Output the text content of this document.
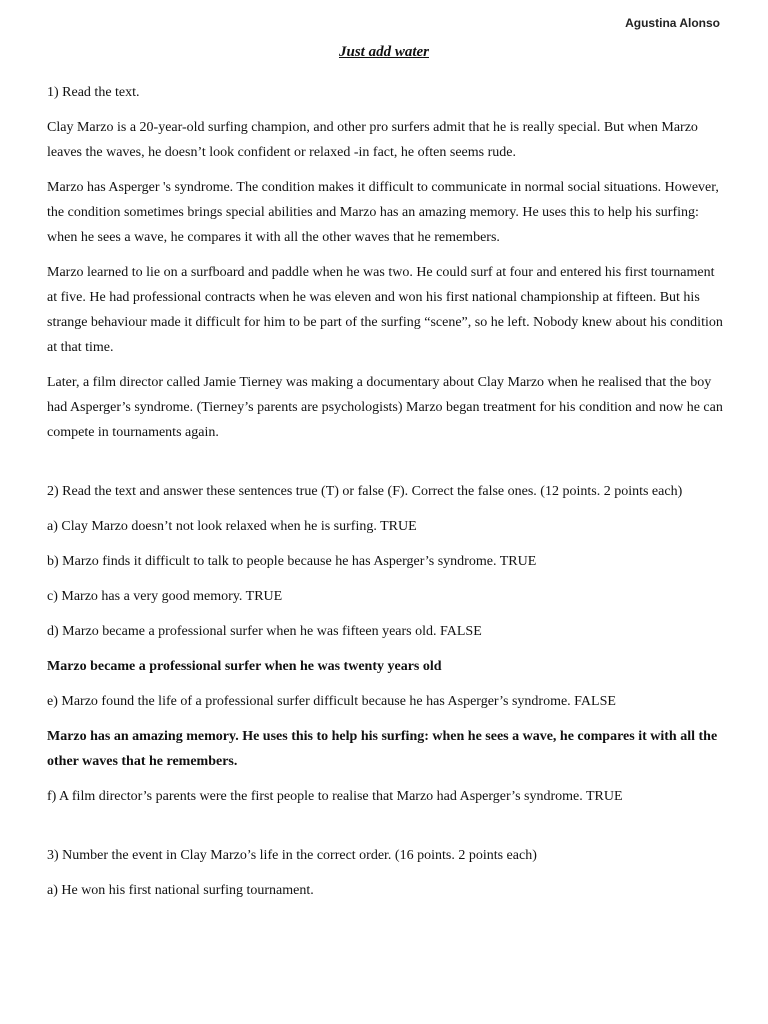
Agustina Alonso
Just add water

1) Read the text.

Clay Marzo is a 20-year-old surfing champion, and other pro surfers admit that he is really special. But when Marzo leaves the waves, he doesn’t look confident or relaxed -in fact, he often seems rude.

Marzo has Asperger 's syndrome. The condition makes it difficult to communicate in normal social situations. However, the condition sometimes brings special abilities and Marzo has an amazing memory. He uses this to help his surfing: when he sees a wave, he compares it with all the other waves that he remembers.

Marzo learned to lie on a surfboard and paddle when he was two. He could surf at four and entered his first tournament at five. He had professional contracts when he was eleven and won his first national championship at fifteen. But his strange behaviour made it difficult for him to be part of the surfing “scene”, so he left. Nobody knew about his condition at that time.

Later, a film director called Jamie Tierney was making a documentary about Clay Marzo when he realised that the boy had Asperger’s syndrome. (Tierney’s parents are psychologists) Marzo began treatment for his condition and now he can compete in tournaments again.

2) Read the text and answer these sentences true (T) or false (F). Correct the false ones. (12 points. 2 points each)

a) Clay Marzo doesn’t not look relaxed when he is surfing. TRUE

b) Marzo finds it difficult to talk to people because he has Asperger’s syndrome. TRUE

c) Marzo has a very good memory. TRUE

d) Marzo became a professional surfer when he was fifteen years old. FALSE

Marzo became a professional surfer when he was twenty years old

e) Marzo found the life of a professional surfer difficult because he has Asperger’s syndrome. FALSE

Marzo has an amazing memory. He uses this to help his surfing: when he sees a wave, he compares it with all the other waves that he remembers.

f) A film director’s parents were the first people to realise that Marzo had Asperger’s syndrome. TRUE

3) Number the event in Clay Marzo’s life in the correct order. (16 points. 2 points each)

a) He won his first national surfing tournament.
